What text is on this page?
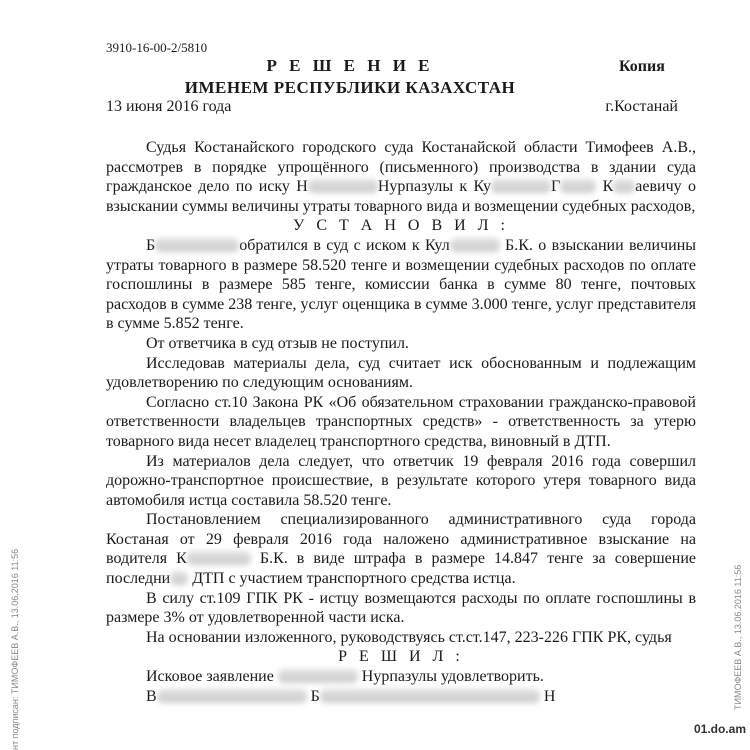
3910-16-00-2/5810
Р Е Ш Е Н И Е	Копия
ИМЕНЕМ РЕСПУБЛИКИ КАЗАХСТАН
13 июня 2016 года	г.Костанай

Судья Костанайского городского суда Костанайской области Тимофеев А.В., рассмотрев в порядке упрощённого (письменного) производства в здании суда гражданское дело по иску Н	Нурпазулы к Ку	Г	К аевичу о взыскании суммы величины утраты товарного вида и возмещении судебных расходов,

У С Т А Н О В И Л :

Б	обратился в суд с иском к Кул	Б.К. о взыскании величины утраты товарного в размере 58.520 тенге и возмещении судебных расходов по оплате госпошлины в размере 585 тенге, комиссии банка в сумме 80 тенге, почтовых расходов в сумме 238 тенге, услуг оценщика в сумме 3.000 тенге, услуг представителя в сумме 5.852 тенге.

От ответчика в суд отзыв не поступил.

Исследовав материалы дела, суд считает иск обоснованным и подлежащим удовлетворению по следующим основаниям.

Согласно ст.10 Закона РК «Об обязательном страховании гражданско-правовой ответственности владельцев транспортных средств» - ответственность за утерю товарного вида несет владелец транспортного средства, виновный в ДТП.

Из материалов дела следует, что ответчик 19 февраля 2016 года совершил дорожно-транспортное происшествие, в результате которого утеря товарного вида автомобиля истца составила 58.520 тенге.

Постановлением специализированного административного суда города Костаная от 29 февраля 2016 года наложено административное взыскание на водителя К	Б.К. в виде штрафа в размере 14.847 тенге за совершение последни ДТП с участием транспортного средства истца.

В силу ст.109 ГПК РК - истцу возмещаются расходы по оплате госпошлины в размере 3% от удовлетворенной части иска.

На основании изложенного, руководствуясь ст.ст.147, 223-226 ГПК РК, судья

Р Е Ш И Л :

Исковое заявление	Нурпазулы удовлетворить.

В	Б	Н

нт подписан: ТИМОФЕЕВ А.В., 13.06.2016 11:56	ТИМОФЕЕВ А.В., 13.06.2016 11:56
01.do.am
